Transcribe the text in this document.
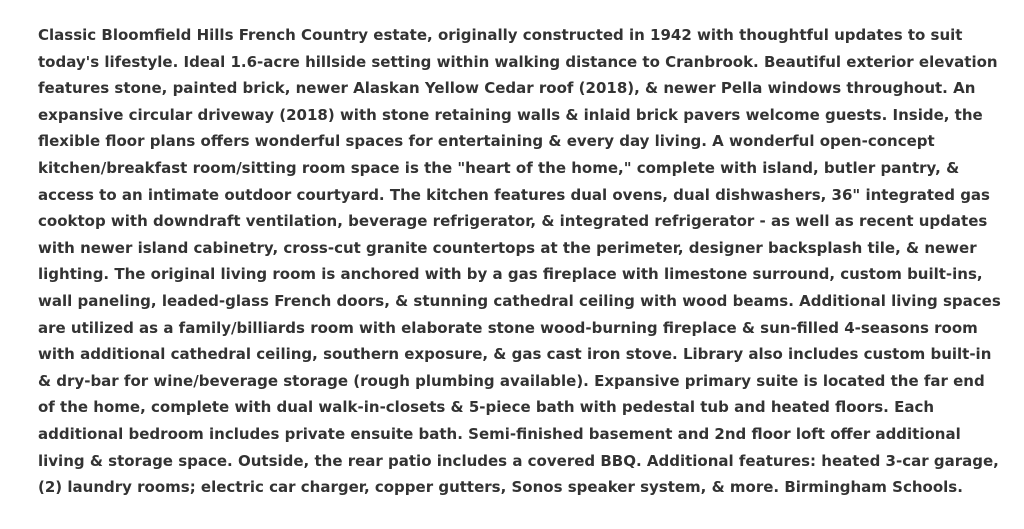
Classic Bloomfield Hills French Country estate, originally constructed in 1942 with thoughtful updates to suit
today's lifestyle. Ideal 1.6-acre hillside setting within walking distance to Cranbrook. Beautiful exterior elevation
features stone, painted brick, newer Alaskan Yellow Cedar roof (2018), & newer Pella windows throughout. An
expansive circular driveway (2018) with stone retaining walls & inlaid brick pavers welcome guests. Inside, the
flexible floor plans offers wonderful spaces for entertaining & every day living. A wonderful open-concept
kitchen/breakfast room/sitting room space is the "heart of the home," complete with island, butler pantry, &
access to an intimate outdoor courtyard. The kitchen features dual ovens, dual dishwashers, 36" integrated gas
cooktop with downdraft ventilation, beverage refrigerator, & integrated refrigerator - as well as recent updates
with newer island cabinetry, cross-cut granite countertops at the perimeter, designer backsplash tile, & newer
lighting. The original living room is anchored with by a gas fireplace with limestone surround, custom built-ins,
wall paneling, leaded-glass French doors, & stunning cathedral ceiling with wood beams. Additional living spaces
are utilized as a family/billiards room with elaborate stone wood-burning fireplace & sun-filled 4-seasons room
with additional cathedral ceiling, southern exposure, & gas cast iron stove. Library also includes custom built-in
& dry-bar for wine/beverage storage (rough plumbing available). Expansive primary suite is located the far end
of the home, complete with dual walk-in-closets & 5-piece bath with pedestal tub and heated floors. Each
additional bedroom includes private ensuite bath. Semi-finished basement and 2nd floor loft offer additional
living & storage space. Outside, the rear patio includes a covered BBQ. Additional features: heated 3-car garage,
(2) laundry rooms; electric car charger, copper gutters, Sonos speaker system, & more. Birmingham Schools.
